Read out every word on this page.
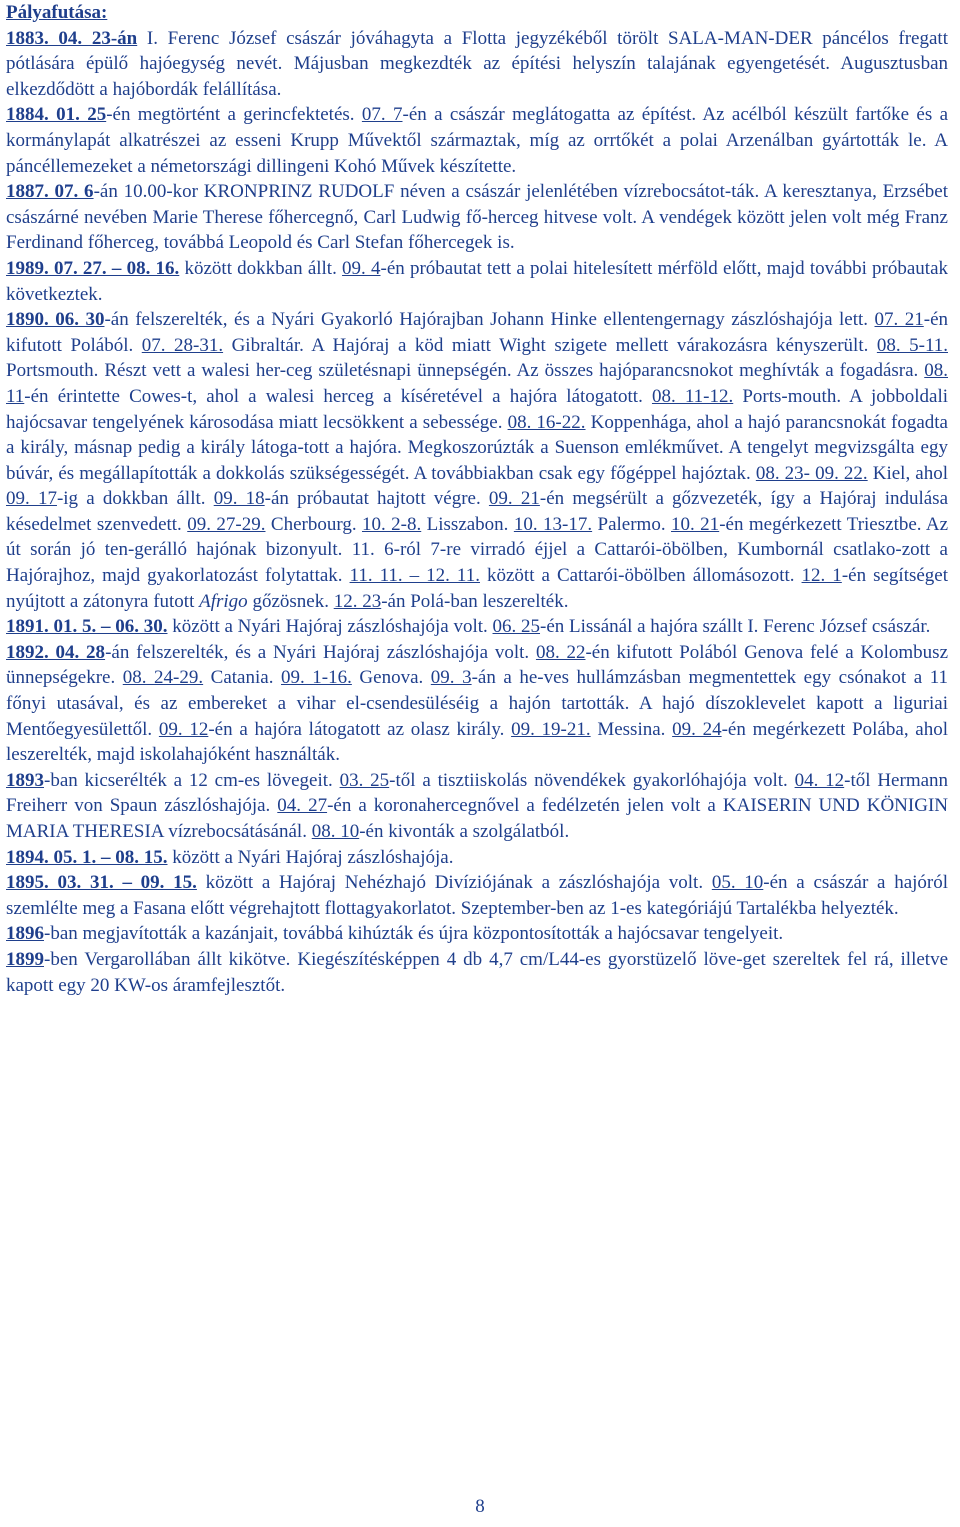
Pályafutása:

1883. 04. 23-án I. Ferenc József császár jóváhagyta a Flotta jegyzékéből törölt SALA-MAN-DER páncélos fregatt pótlására épülő hajóegység nevét. Májusban megkezdték az építési helyszín talajának egyengetését. Augusztusban elkezdődött a hajóbordák felállítása.

1884. 01. 25-én megtörtént a gerincfektetés. 07. 7-én a császár meglátogatta az építést. Az acélból készült fartőke és a kormánylapát alkatrészei az esseni Krupp Művektől származtak, míg az orrtőkét a polai Arzenálban gyártották le. A páncéllemezeket a németországi dillingeni Kohó Művek készítette.

1887. 07. 6-án 10.00-kor KRONPRINZ RUDOLF néven a császár jelenlétében vízrebocsátot-ták. A keresztanya, Erzsébet császárné nevében Marie Therese főhercegnő, Carl Ludwig fő-herceg hitvese volt. A vendégek között jelen volt még Franz Ferdinand főherceg, továbbá Leopold és Carl Stefan főhercegek is.

1989. 07. 27. – 08. 16. között dokkban állt. 09. 4-én próbautat tett a polai hitelesített mérföld előtt, majd további próbautak következtek.

1890. 06. 30-án felszerelték, és a Nyári Gyakorló Hajórajban Johann Hinke ellentengernagy zászlóshajója lett. 07. 21-én kifutott Polából. 07. 28-31. Gibraltár. A Hajóraj a köd miatt Wight szigete mellett várakozásra kényszerült. 08. 5-11. Portsmouth. Részt vett a walesi her-ceg születésnapi ünnepségén. Az összes hajóparancsnokot meghívták a fogadásra. 08. 11-én érintette Cowes-t, ahol a walesi herceg a kíséretével a hajóra látogatott. 08. 11-12. Ports-mouth. A jobboldali hajócsavar tengelyének károsodása miatt lecsökkent a sebessége. 08. 16-22. Koppenhága, ahol a hajó parancsnokát fogadta a király, másnap pedig a király látoga-tott a hajóra. Megkoszorúzták a Suenson emlékművet. A tengelyt megvizsgálta egy búvár, és megállapították a dokkolás szükségességét. A továbbiakban csak egy főgéppel hajóztak. 08. 23- 09. 22. Kiel, ahol 09. 17-ig a dokkban állt. 09. 18-án próbautat hajtott végre. 09. 21-én megsérült a gőzvezeték, így a Hajóraj indulása késedelmet szenvedett. 09. 27-29. Cherbourg. 10. 2-8. Lisszabon. 10. 13-17. Palermo. 10. 21-én megérkezett Triesztbe. Az út során jó ten-gerálló hajónak bizonyult. 11. 6-ról 7-re virradó éjjel a Cattarói-öbölben, Kumbornál csatlako-zott a Hajórajhoz, majd gyakorlatozást folytattak. 11. 11. – 12. 11. között a Cattarói-öbölben állomásozott. 12. 1-én segítséget nyújtott a zátonyra futott Afrigo gőzösnek. 12. 23-án Polá-ban leszerelték.

1891. 01. 5. – 06. 30. között a Nyári Hajóraj zászlóshajója volt. 06. 25-én Lissánál a hajóra szállt I. Ferenc József császár.

1892. 04. 28-án felszerelték, és a Nyári Hajóraj zászlóshajója volt. 08. 22-én kifutott Polából Genova felé a Kolombusz ünnepségekre. 08. 24-29. Catania. 09. 1-16. Genova. 09. 3-án a he-ves hullámzásban megmentettek egy csónakot a 11 főnyi utasával, és az embereket a vihar el-csendesüléséig a hajón tartották. A hajó díszoklevelet kapott a liguriai Mentőegyesülettől. 09. 12-én a hajóra látogatott az olasz király. 09. 19-21. Messina. 09. 24-én megérkezett Polába, ahol leszerelték, majd iskolahajóként használták.

1893-ban kicserélték a 12 cm-es lövegeit. 03. 25-től a tisztiiskolás növendékek gyakorlóhajója volt. 04. 12-től Hermann Freiherr von Spaun zászlóshajója. 04. 27-én a koronahercegnővel a fedélzetén jelen volt a KAISERIN UND KÖNIGIN MARIA THERESIA vízrebocsátásánál. 08. 10-én kivonták a szolgálatból.

1894. 05. 1. – 08. 15. között a Nyári Hajóraj zászlóshajója.

1895. 03. 31. – 09. 15. között a Hajóraj Nehézhajó Divíziójának a zászlóshajója volt. 05. 10-én a császár a hajóról szemlélte meg a Fasana előtt végrehajtott flottagyakorlatot. Szeptember-ben az 1-es kategóriájú Tartalékba helyezték.

1896-ban megjavították a kazánjait, továbbá kihúzták és újra központosították a hajócsavar tengelyeit.

1899-ben Vergarollában állt kikötve. Kiegészítésképpen 4 db 4,7 cm/L44-es gyorstüzelő löve-get szereltek fel rá, illetve kapott egy 20 KW-os áramfejlesztőt.

8
